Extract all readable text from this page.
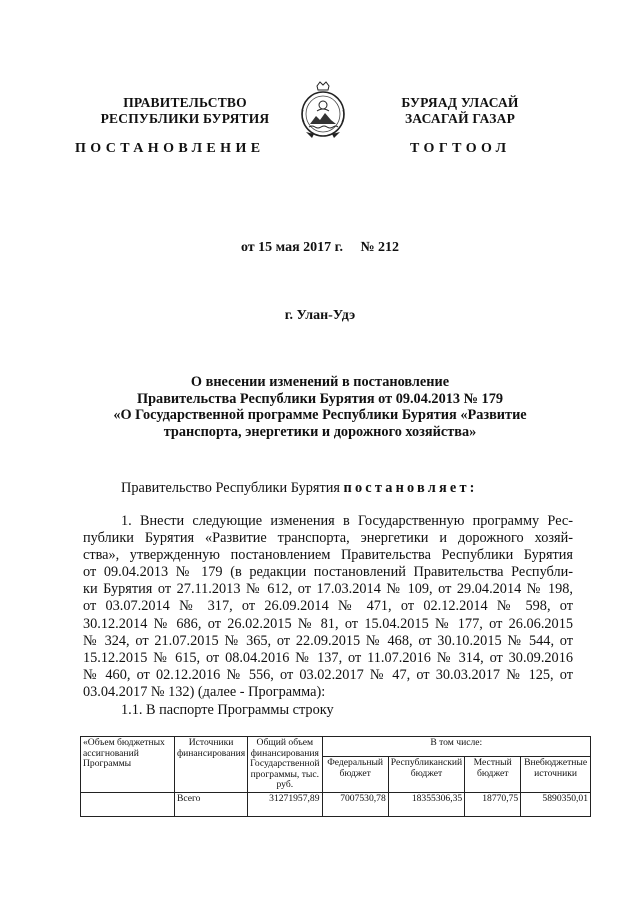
ПРАВИТЕЛЬСТВО
РЕСПУБЛИКИ БУРЯТИЯ
БУРЯАД УЛАСАЙ
ЗАСАГАЙ ГАЗАР
ПОСТАНОВЛЕНИЕ	ТОГТООЛ
от 15 мая 2017 г. № 212
г. Улан-Удэ
О внесении изменений в постановление
Правительства Республики Бурятия от 09.04.2013 № 179
«О Государственной программе Республики Бурятия «Развитие
транспорта, энергетики и дорожного хозяйства»
Правительство Республики Бурятия постановляет:
1. Внести следующие изменения в Государственную программу Рес-
публики Бурятия «Развитие транспорта, энергетики и дорожного хозяй-
ства», утвержденную постановлением Правительства Республики Бурятия
от 09.04.2013 № 179 (в редакции постановлений Правительства Республи-
ки Бурятия от 27.11.2013 № 612, от 17.03.2014 № 109, от 29.04.2014 № 198,
от 03.07.2014 № 317, от 26.09.2014 № 471, от 02.12.2014 № 598, от
30.12.2014 № 686, от 26.02.2015 № 81, от 15.04.2015 № 177, от 26.06.2015
№ 324, от 21.07.2015 № 365, от 22.09.2015 № 468, от 30.10.2015 № 544, от
15.12.2015 № 615, от 08.04.2016 № 137, от 11.07.2016 № 314, от 30.09.2016
№ 460, от 02.12.2016 № 556, от 03.02.2017 № 47, от 30.03.2017 № 125, от
03.04.2017 № 132) (далее - Программа):
1.1. В паспорте Программы строку
«Объем бюджетных ассигнований Программы	Источники финансирования	Общий объем финансирования Государственной программы, тыс. руб.	В том числе:			
			Федеральный бюджет	Республиканский бюджет	Местный бюджет	Внебюджетные источники
	Всего	31271957,89	7007530,78	18355306,35	18770,75	5890350,01
